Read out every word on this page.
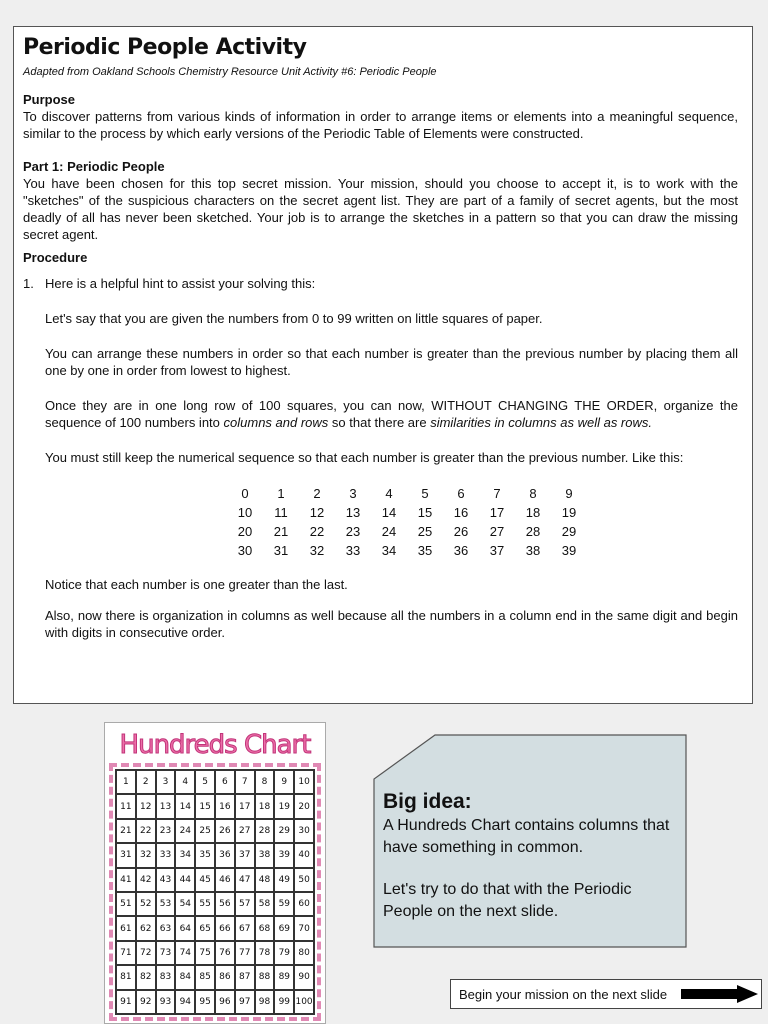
Periodic People Activity

Adapted from Oakland Schools Chemistry Resource Unit Activity #6: Periodic People

Purpose

To discover patterns from various kinds of information in order to arrange items or elements into a meaningful sequence, similar to the process by which early versions of the Periodic Table of Elements were constructed.

Part 1: Periodic People

You have been chosen for this top secret mission. Your mission, should you choose to accept it, is to work with the "sketches" of the suspicious characters on the secret agent list. They are part of a family of secret agents, but the most deadly of all has never been sketched. Your job is to arrange the sketches in a pattern so that you can draw the missing secret agent.

Procedure

1. Here is a helpful hint to assist your solving this:

Let's say that you are given the numbers from 0 to 99 written on little squares of paper.

You can arrange these numbers in order so that each number is greater than the previous number by placing them all one by one in order from lowest to highest.

Once they are in one long row of 100 squares, you can now, WITHOUT CHANGING THE ORDER, organize the sequence of 100 numbers into columns and rows so that there are similarities in columns as well as rows.

You must still keep the numerical sequence so that each number is greater than the previous number. Like this:

0	1	2	3	4	5	6	7	8	9
10	11	12	13	14	15	16	17	18	19
20	21	22	23	24	25	26	27	28	29
30	31	32	33	34	35	36	37	38	39

Notice that each number is one greater than the last.

Also, now there is organization in columns as well because all the numbers in a column end in the same digit and begin with digits in consecutive order.

Hundreds Chart
1	2	3	4	5	6	7	8	9	10
11 12 13 14 15 16 17 18 19 20
21 22 23 24 25 26 27 28 29 30
31 32 33 34 35 36 37 38 39 40
41 42 43 44 45 46 47 48 49 50
51 52 53 54 55 56 57 58 59 60
61 62 63 64 65 66 67 68 69 70
71 72 73 74 75 76 77 78 79 80
81 82 83 84 85 86 87 88 89 90
91 92 93 94 95 96 97 98 99 100
Big idea:
A Hundreds Chart contains columns that have something in common.
Let's try to do that with the Periodic People on the next slide.
Begin your mission on the next slide
